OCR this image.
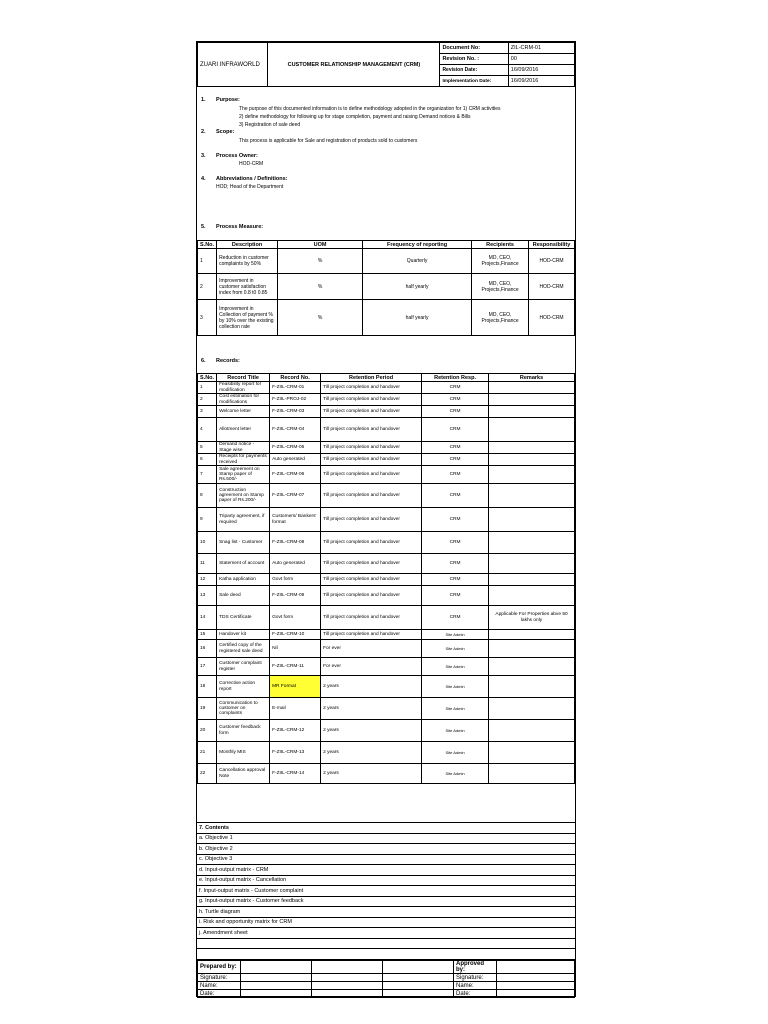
ZUARI INFRAWORLD	CUSTOMER RELATIONSHIP MANAGEMENT (CRM)	Document No:	ZIL-CRM-01
		Revision No. :	00
		Revision Date:	16/09/2016
		Implementation Date:	16/09/2016
1.	Purpose:
The purpose of this documented information is to define methodology adopted in the organization for 1) CRM activities
2) define methodology for following up for stage completion, payment and raising Demand notices & Bills
3) Registration of sale deed
2.	Scope:
This process is applicable for Sale and registration of products sold to customers
3.	Process Owner:
HOD-CRM
4.	Abbreviations / Definitions:
HOD; Head of the Department
5.	Process Measure:
S.No.	Description	UOM	Frequency of reporting	Recipients	Responsibility
1	Reduction in customer complaints by 50%	%	Quarterly	MD, CEO, Projects,Finance	HOD-CRM
2	Improvement in customer satisfaction index from 0.8 t0 0.85	%	half yearly	MD, CEO, Projects,Finance	HOD-CRM
3	Improvement in Collection of payment % by 10% over the existing collection rate	%	half yearly	MD, CEO, Projects,Finance	HOD-CRM
6.	Records:
S.No.	Record Title	Record No.	Retention Period	Retention Resp.	Remarks
1	Feasibility report for modification	F-ZIIL-CRM-01	Till project completion and handover	CRM	
2	Cost estimation for modifications	F-ZIIL-PROJ-02	Till project completion and handover	CRM	
3	Welcome letter	F-ZIIL-CRM-03	Till project completion and handover	CRM	
4	Allotment letter	F-ZIIL-CRM-04	Till project completion and handover	CRM	
5	Demand notice - Stage wise	F-ZIIL-CRM-05	Till project completion and handover	CRM	
6	Receipts for payments received	Auto generated	Till project completion and handover	CRM	
7	Sale agreement on Stamp paper of Rs.500/-	F-ZIIL-CRM-06	Till project completion and handover	CRM	
8	Construction agreement on Stamp paper of Rs.200/-	F-ZIIL-CRM-07	Till project completion and handover	CRM	
9	Triparty agreement, if required	Customers/ Bankers' format	Till project completion and handover	CRM	
10	Snag list - Customer	F-ZIIL-CRM-08	Till project completion and handover	CRM	
11	Statement of account	Auto generated	Till project completion and handover	CRM	
12	Katha application	Govt form	Till project completion and handover	CRM	
13	Sale deed	F-ZIIL-CRM-09	Till project completion and handover	CRM	
14	TDS Certificate	Govt form	Till project completion and handover	CRM	Applicable For Properties abve 50 lakhs only
15	Handover kit	F-ZIIL-CRM-10	Till project completion and handover	Site Admin	
16	Certified copy of the registered sale deed	Nil	For ever	Site Admin	
17	Customer complaint register	F-ZIIL-CRM-11	For ever	Site Admin	
18	Corrective action report	MR Format	2 years	Site Admin	
19	Communication to customer on complaints	E-mail	2 years	Site Admin	
20	Customer feedback form	F-ZIIL-CRM-12	2 years	Site Admin	
21	Monthly MIS	F-ZIIL-CRM-13	2 years	Site Admin	
22	Cancellation approval Note	F-ZIIL-CRM-14	2 years	Site Admin	
7. Contents
a. Objective 1
b. Objective 2
c. Objective 3
d. Input-output matrix - CRM
e. Input-output matrix - Cancellation
f. Input-output matrix - Customer complaint
g. Input-output matrix - Customer feedback
h. Turtle diagram
i. Risk and opportunity matrix for CRM
j. Amendment sheet

Prepared by:				Approved by:	
Signature:				Signature:	
Name:				Name:	
Date:				Date:	
